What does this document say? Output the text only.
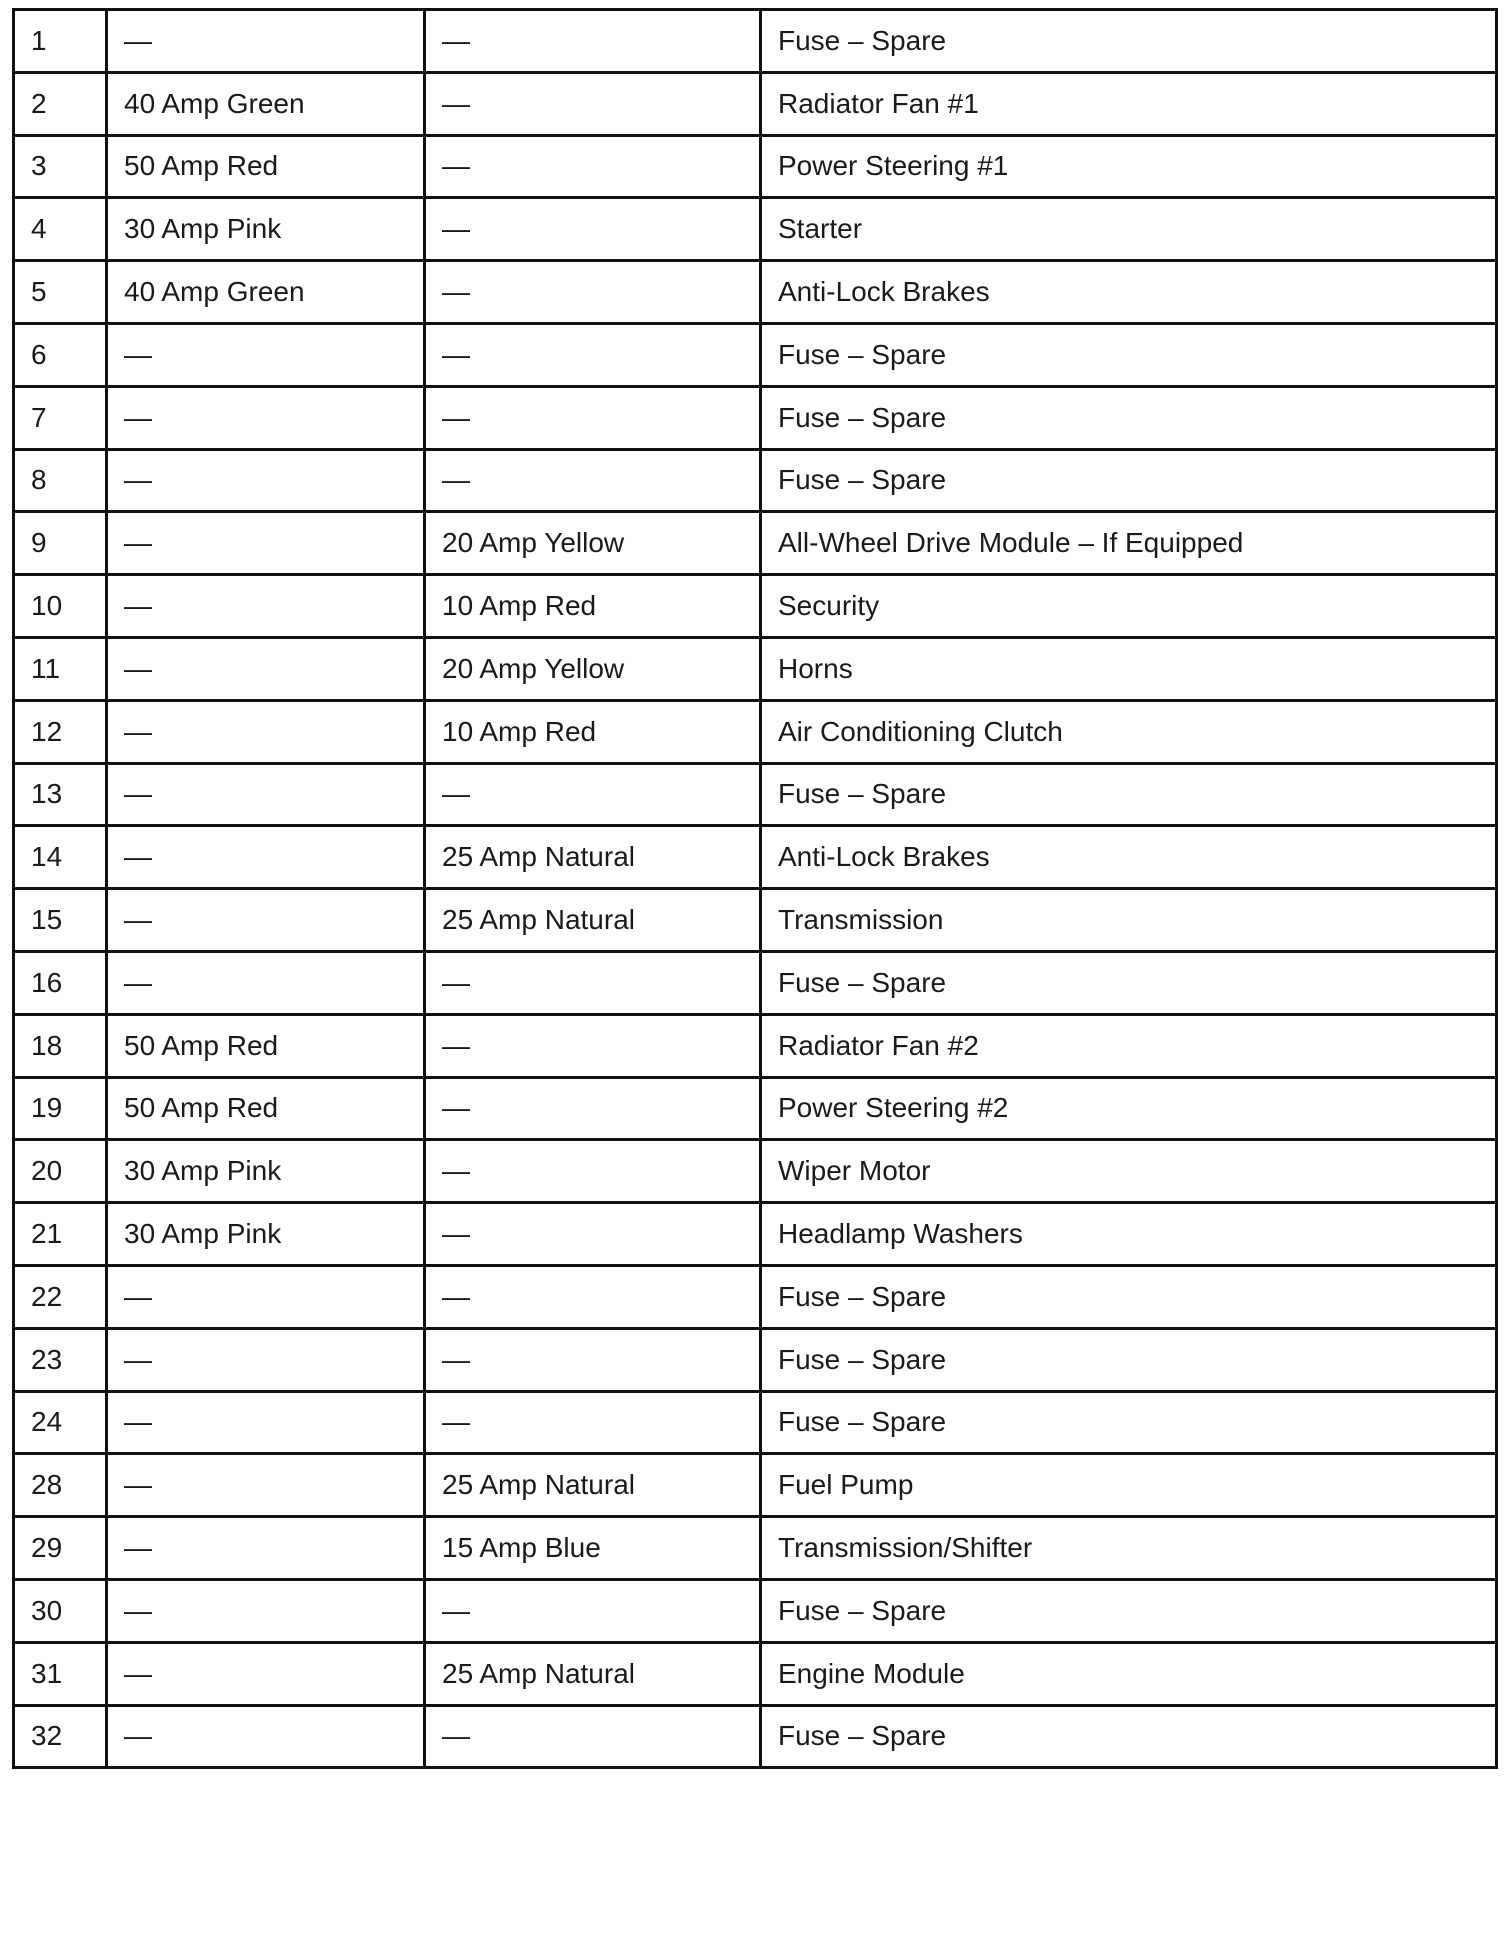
1	—	—	Fuse – Spare
2	40 Amp Green	—	Radiator Fan #1
3	50 Amp Red	—	Power Steering #1
4	30 Amp Pink	—	Starter
5	40 Amp Green	—	Anti-Lock Brakes
6	—	—	Fuse – Spare
7	—	—	Fuse – Spare
8	—	—	Fuse – Spare
9	—	20 Amp Yellow	All-Wheel Drive Module – If Equipped
10	—	10 Amp Red	Security
11	—	20 Amp Yellow	Horns
12	—	10 Amp Red	Air Conditioning Clutch
13	—	—	Fuse – Spare
14	—	25 Amp Natural	Anti-Lock Brakes
15	—	25 Amp Natural	Transmission
16	—	—	Fuse – Spare
18	50 Amp Red	—	Radiator Fan #2
19	50 Amp Red	—	Power Steering #2
20	30 Amp Pink	—	Wiper Motor
21	30 Amp Pink	—	Headlamp Washers
22	—	—	Fuse – Spare
23	—	—	Fuse – Spare
24	—	—	Fuse – Spare
28	—	25 Amp Natural	Fuel Pump
29	—	15 Amp Blue	Transmission/Shifter
30	—	—	Fuse – Spare
31	—	25 Amp Natural	Engine Module
32	—	—	Fuse – Spare
